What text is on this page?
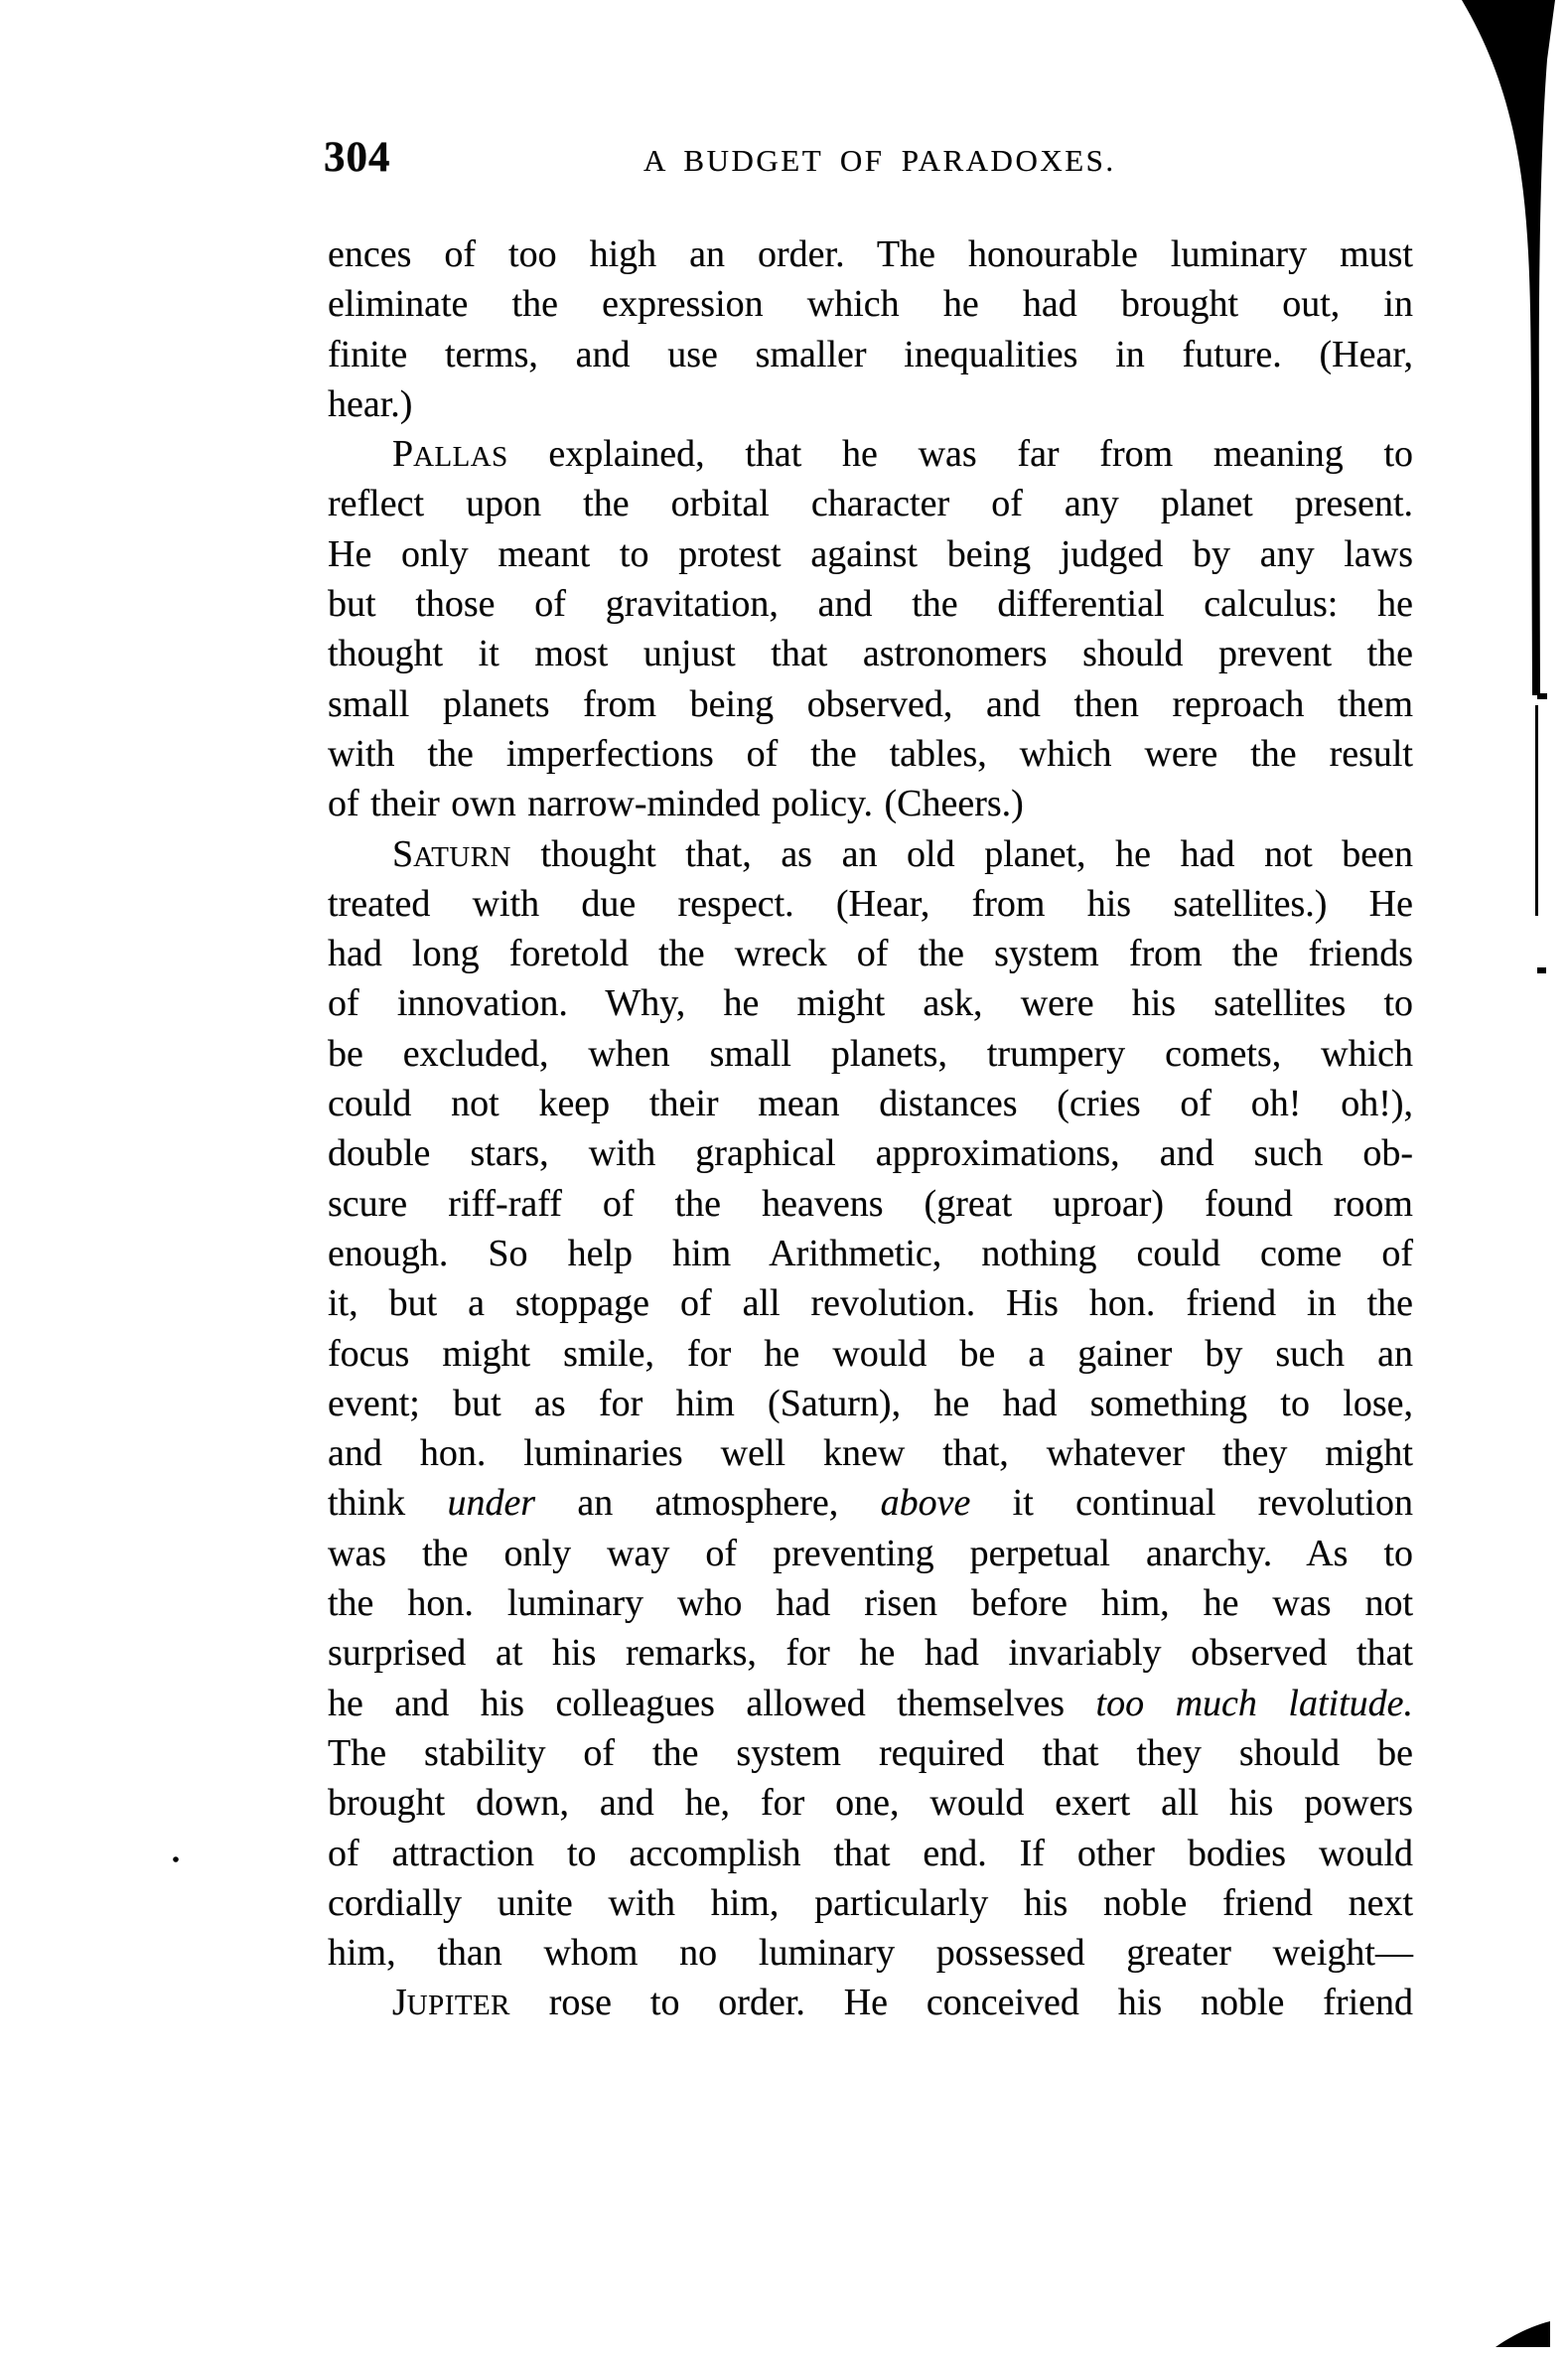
304	A BUDGET OF PARADOXES.
ences of too high an order. The honourable luminary must
eliminate the expression which he had brought out, in
finite terms, and use smaller inequalities in future. (Hear,
hear.)
PALLAS explained, that he was far from meaning to
reflect upon the orbital character of any planet present.
He only meant to protest against being judged by any laws
but those of gravitation, and the differential calculus: he
thought it most unjust that astronomers should prevent the
small planets from being observed, and then reproach them
with the imperfections of the tables, which were the result
of their own narrow-minded policy. (Cheers.)
SATURN thought that, as an old planet, he had not been
treated with due respect. (Hear, from his satellites.) He
had long foretold the wreck of the system from the friends
of innovation. Why, he might ask, were his satellites to
be excluded, when small planets, trumpery comets, which
could not keep their mean distances (cries of oh! oh!),
double stars, with graphical approximations, and such ob-
scure riff-raff of the heavens (great uproar) found room
enough. So help him Arithmetic, nothing could come of
it, but a stoppage of all revolution. His hon. friend in the
focus might smile, for he would be a gainer by such an
event; but as for him (Saturn), he had something to lose,
and hon. luminaries well knew that, whatever they might
think under an atmosphere, above it continual revolution
was the only way of preventing perpetual anarchy. As to
the hon. luminary who had risen before him, he was not
surprised at his remarks, for he had invariably observed that
he and his colleagues allowed themselves too much latitude.
The stability of the system required that they should be
brought down, and he, for one, would exert all his powers
of attraction to accomplish that end. If other bodies would
cordially unite with him, particularly his noble friend next
him, than whom no luminary possessed greater weight—
JUPITER rose to order. He conceived his noble friend
